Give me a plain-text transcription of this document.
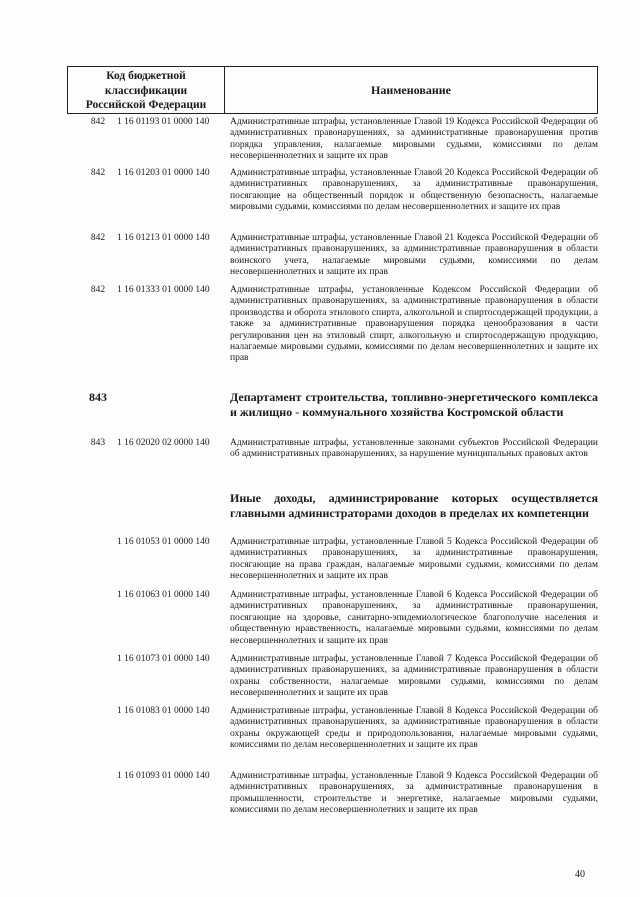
Код бюджетной
классификации
Российской Федерации
Наименование
842	1 16 01193 01 0000 140	Административные штрафы, установленные Главой 19 Кодекса Российской Федерации об административных правонарушениях, за административные правонарушения против порядка управления, налагаемые мировыми судьями, комиссиями по делам несовершеннолетних и защите их прав
842	1 16 01203 01 0000 140	Административные штрафы, установленные Главой 20 Кодекса Российской Федерации об административных правонарушениях, за административные правонарушения, посягающие на общественный порядок и общественную безопасность, налагаемые мировыми судьями, комиссиями по делам несовершеннолетних и защите их прав
842	1 16 01213 01 0000 140	Административные штрафы, установленные Главой 21 Кодекса Российской Федерации об административных правонарушениях, за административные правонарушения в области воинского учета, налагаемые мировыми судьями, комиссиями по делам несовершеннолетних и защите их прав
842	1 16 01333 01 0000 140	Административные штрафы, установленные Кодексом Российской Федерации об административных правонарушениях, за административные правонарушения в области производства и оборота этилового спирта, алкогольной и спиртосодержащей продукции, а также за административные правонарушения порядка ценообразования в части регулирования цен на этиловый спирт, алкогольную и спиртосодержащую продукцию, налагаемые мировыми судьями, комиссиями по делам несовершеннолетних и защите их прав
843	Департамент строительства, топливно-энергетического комплекса и жилищно - коммунального хозяйства Костромской области
843	1 16 02020 02 0000 140	Административные штрафы, установленные законами субъектов Российской Федерации об административных правонарушениях, за нарушение муниципальных правовых актов
Иные доходы, администрирование которых осуществляется главными администраторами доходов в пределах их компетенции
1 16 01053 01 0000 140	Административные штрафы, установленные Главой 5 Кодекса Российской Федерации об административных правонарушениях, за административные правонарушения, посягающие на права граждан, налагаемые мировыми судьями, комиссиями по делам несовершеннолетних и защите их прав
1 16 01063 01 0000 140	Административные штрафы, установленные Главой 6 Кодекса Российской Федерации об административных правонарушениях, за административные правонарушения, посягающие на здоровье, санитарно-эпидемиологическое благополучие населения и общественную нравственность, налагаемые мировыми судьями, комиссиями по делам несовершеннолетних и защите их прав
1 16 01073 01 0000 140	Административные штрафы, установленные Главой 7 Кодекса Российской Федерации об административных правонарушениях, за административные правонарушения в области охраны собственности, налагаемые мировыми судьями, комиссиями по делам несовершеннолетних и защите их прав
1 16 01083 01 0000 140	Административные штрафы, установленные Главой 8 Кодекса Российской Федерации об административных правонарушениях, за административные правонарушения в области охраны окружающей среды и природопользования, налагаемые мировыми судьями, комиссиями по делам несовершеннолетних и защите их прав
1 16 01093 01 0000 140	Административные штрафы, установленные Главой 9 Кодекса Российской Федерации об административных правонарушениях, за административные правонарушения в промышленности, строительстве и энергетике, налагаемые мировыми судьями, комиссиями по делам несовершеннолетних и защите их прав
40
